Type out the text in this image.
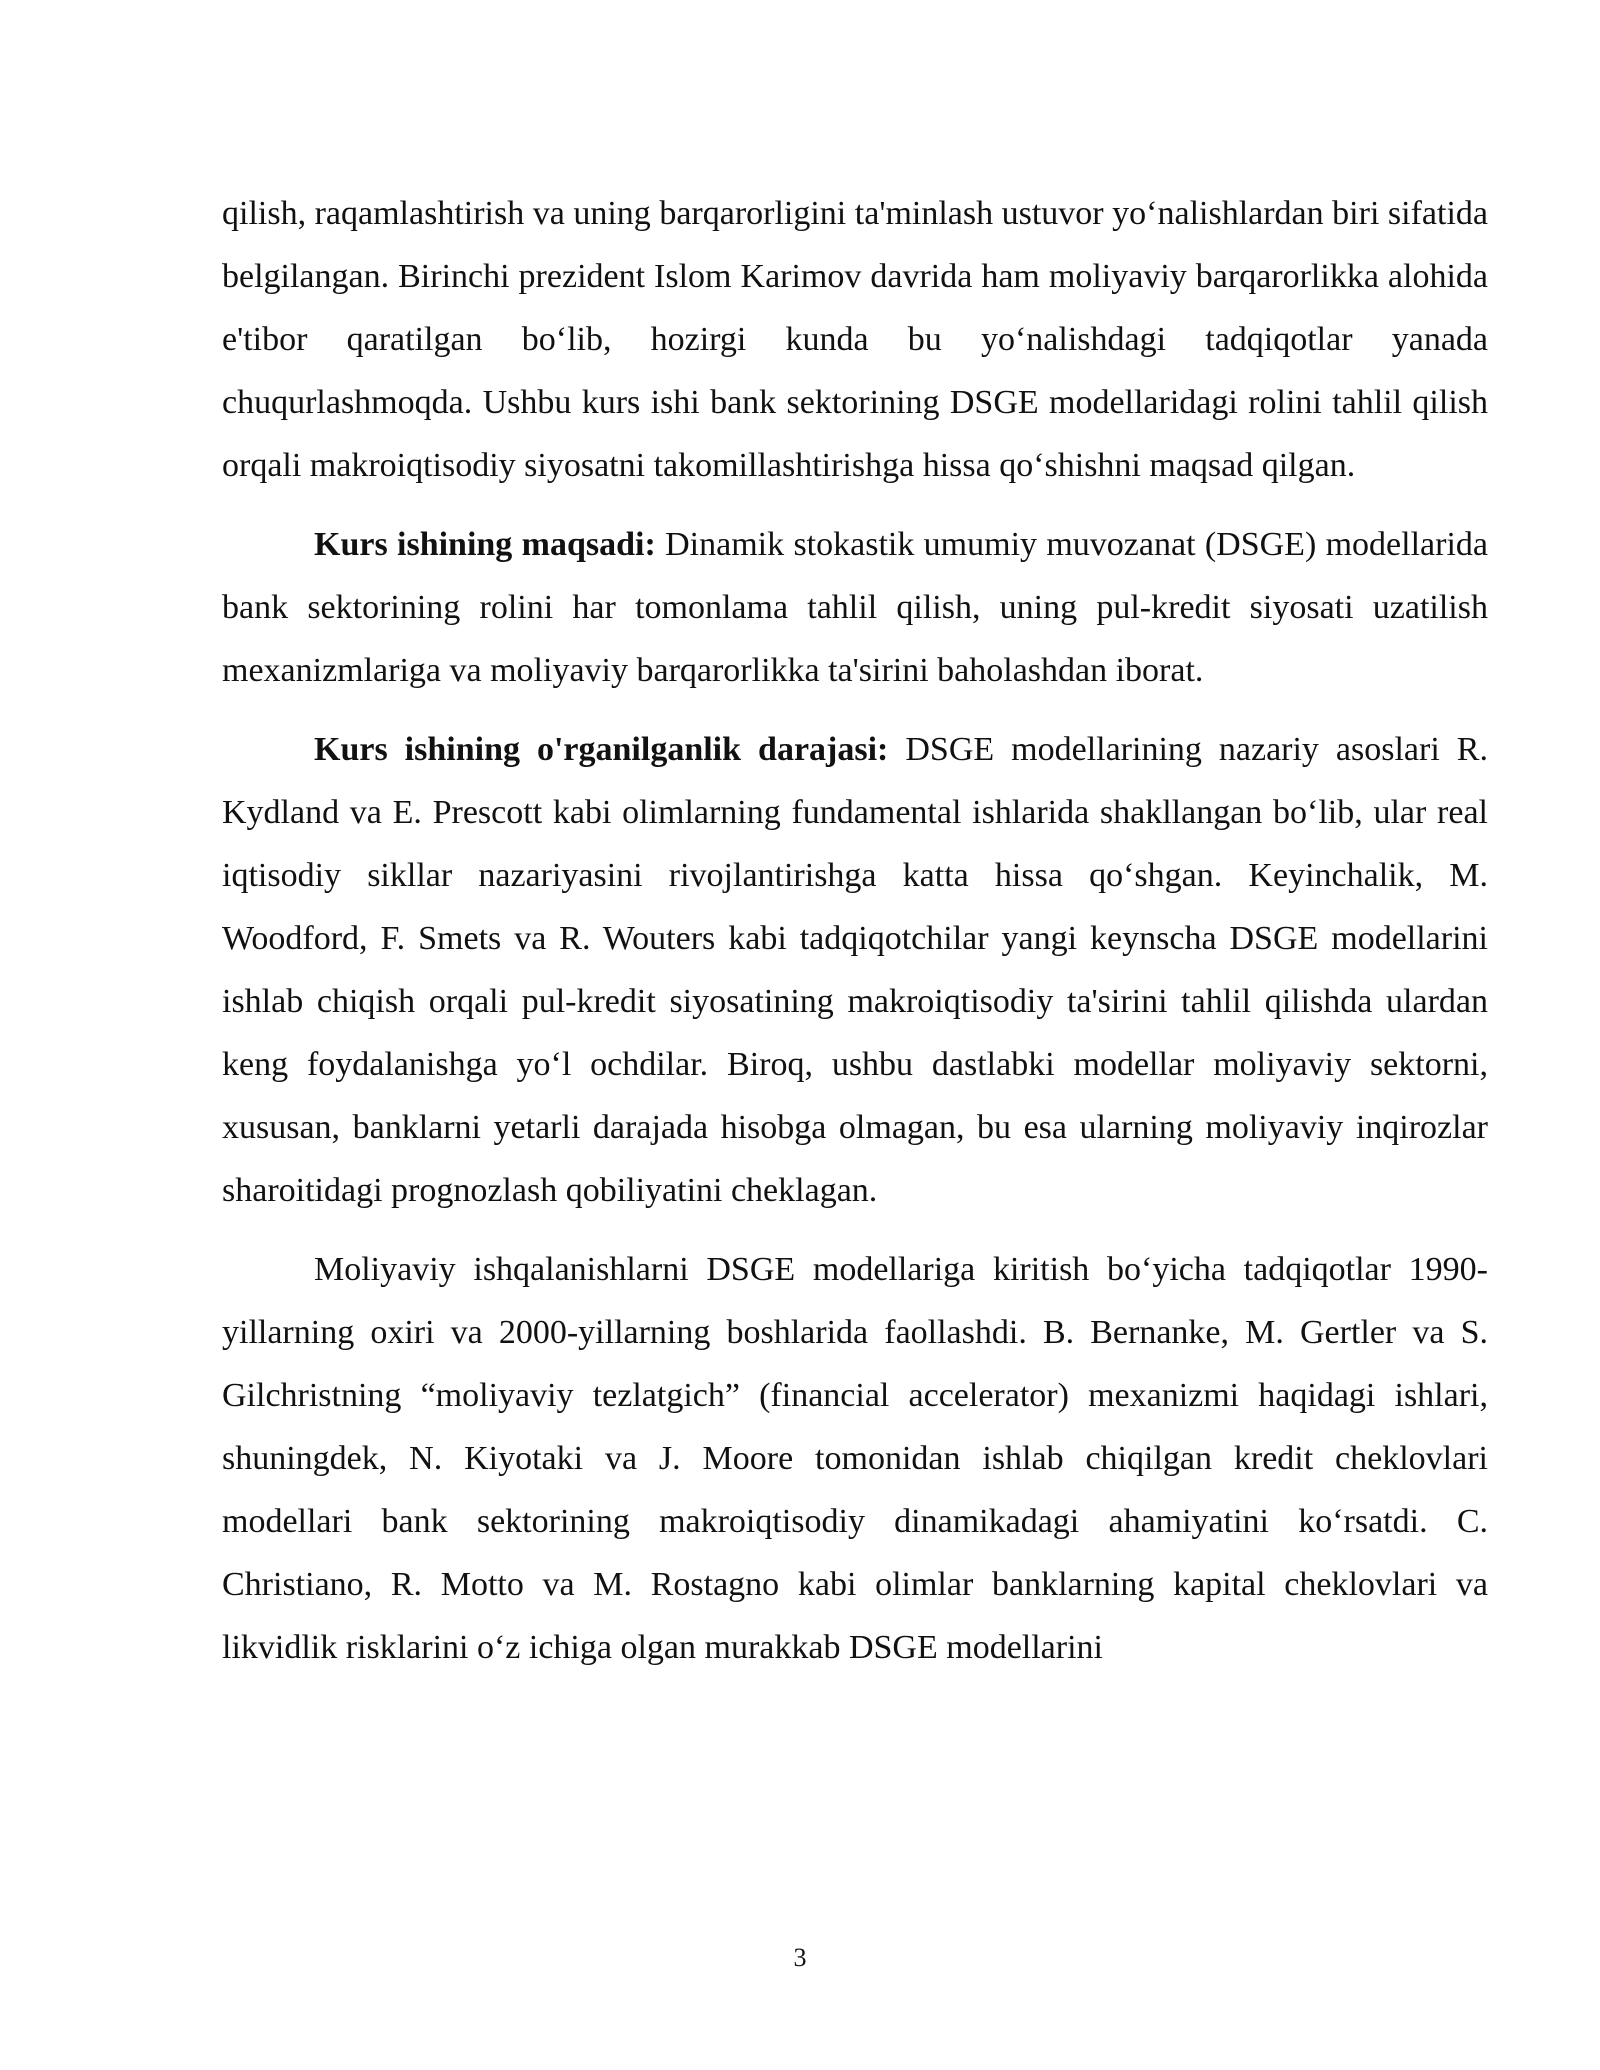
qilish, raqamlashtirish va uning barqarorligini ta'minlash ustuvor yo‘nalishlardan biri sifatida belgilangan. Birinchi prezident Islom Karimov davrida ham moliyaviy barqarorlikka alohida e'tibor qaratilgan bo‘lib, hozirgi kunda bu yo‘nalishdagi tadqiqotlar yanada chuqurlashmoqda. Ushbu kurs ishi bank sektorining DSGE modellaridagi rolini tahlil qilish orqali makroiqtisodiy siyosatni takomillashtirishga hissa qo‘shishni maqsad qilgan.

Kurs ishining maqsadi: Dinamik stokastik umumiy muvozanat (DSGE) modellarida bank sektorining rolini har tomonlama tahlil qilish, uning pul-kredit siyosati uzatilish mexanizmlariga va moliyaviy barqarorlikka ta'sirini baholashdan iborat.

Kurs ishining o'rganilganlik darajasi: DSGE modellarining nazariy asoslari R. Kydland va E. Prescott kabi olimlarning fundamental ishlarida shakllangan bo‘lib, ular real iqtisodiy sikllar nazariyasini rivojlantirishga katta hissa qo‘shgan. Keyinchalik, M. Woodford, F. Smets va R. Wouters kabi tadqiqotchilar yangi keynscha DSGE modellarini ishlab chiqish orqali pul-kredit siyosatining makroiqtisodiy ta'sirini tahlil qilishda ulardan keng foydalanishga yo‘l ochdilar. Biroq, ushbu dastlabki modellar moliyaviy sektorni, xususan, banklarni yetarli darajada hisobga olmagan, bu esa ularning moliyaviy inqirozlar sharoitidagi prognozlash qobiliyatini cheklagan.

Moliyaviy ishqalanishlarni DSGE modellariga kiritish bo‘yicha tadqiqotlar 1990-yillarning oxiri va 2000-yillarning boshlarida faollashdi. B. Bernanke, M. Gertler va S. Gilchristning “moliyaviy tezlatgich” (financial accelerator) mexanizmi haqidagi ishlari, shuningdek, N. Kiyotaki va J. Moore tomonidan ishlab chiqilgan kredit cheklovlari modellari bank sektorining makroiqtisodiy dinamikadagi ahamiyatini ko‘rsatdi. C. Christiano, R. Motto va M. Rostagno kabi olimlar banklarning kapital cheklovlari va likvidlik risklarini o‘z ichiga olgan murakkab DSGE modellarini

3
